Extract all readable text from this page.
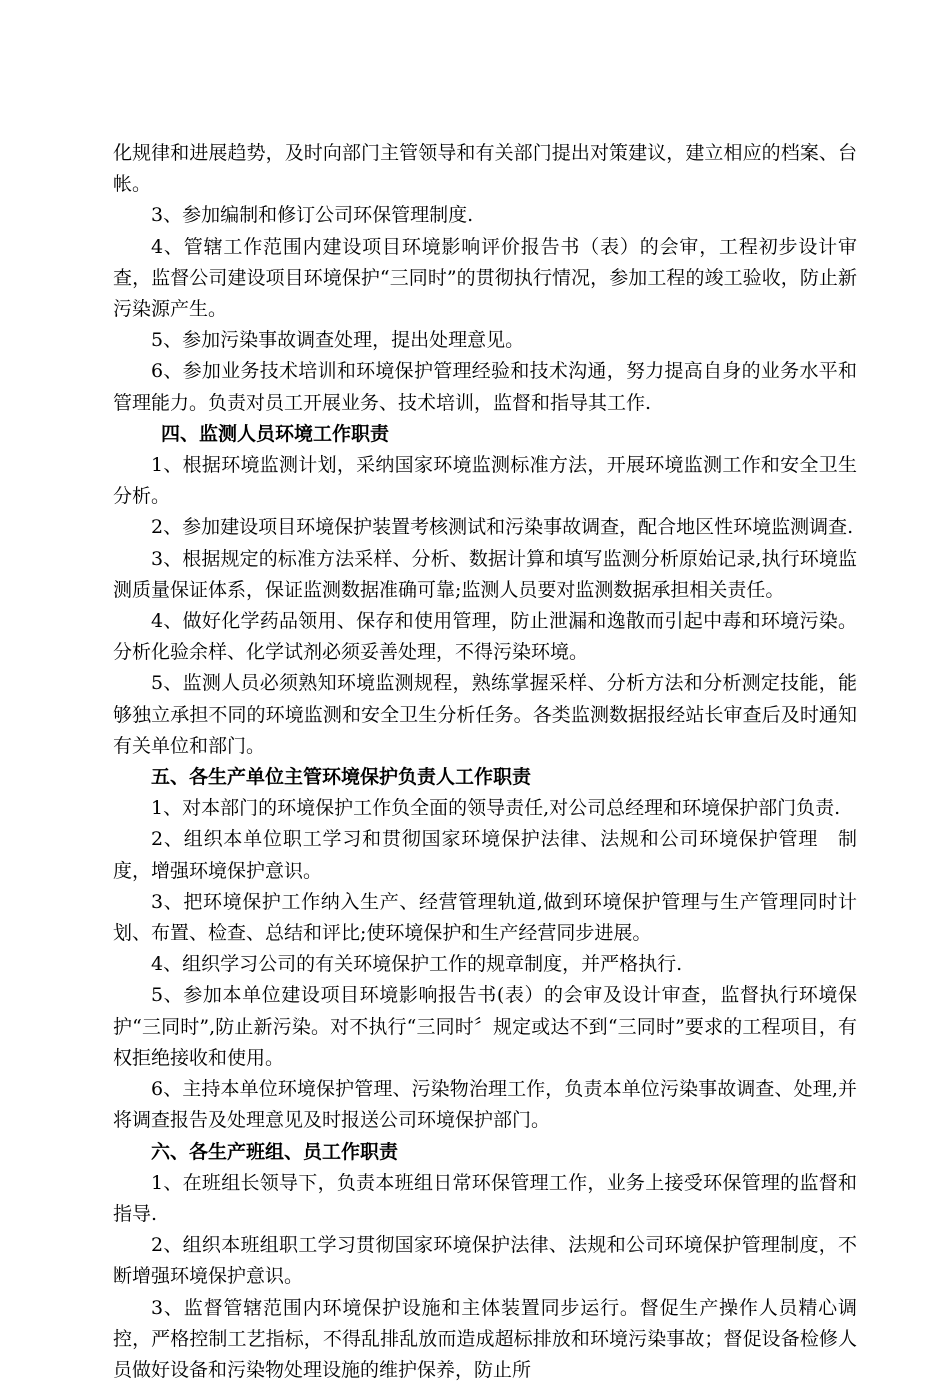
化规律和进展趋势，及时向部门主管领导和有关部门提出对策建议，建立相应的档案、台帐。

3、参加编制和修订公司环保管理制度.

4、管辖工作范围内建设项目环境影响评价报告书（表）的会审，工程初步设计审查，监督公司建设项目环境保护“三同时”的贯彻执行情况，参加工程的竣工验收，防止新污染源产生。

5、参加污染事故调查处理，提出处理意见。

6、参加业务技术培训和环境保护管理经验和技术沟通，努力提高自身的业务水平和管理能力。负责对员工开展业务、技术培训，监督和指导其工作.

四、监测人员环境工作职责

1、根据环境监测计划，采纳国家环境监测标准方法，开展环境监测工作和安全卫生分析。

2、参加建设项目环境保护装置考核测试和污染事故调查，配合地区性环境监测调查.

3、根据规定的标准方法采样、分析、数据计算和填写监测分析原始记录,执行环境监测质量保证体系，保证监测数据准确可靠;监测人员要对监测数据承担相关责任。

4、做好化学药品领用、保存和使用管理，防止泄漏和逸散而引起中毒和环境污染。分析化验余样、化学试剂必须妥善处理，不得污染环境。

5、监测人员必须熟知环境监测规程，熟练掌握采样、分析方法和分析测定技能，能够独立承担不同的环境监测和安全卫生分析任务。各类监测数据报经站长审查后及时通知有关单位和部门。

五、各生产单位主管环境保护负责人工作职责

1、对本部门的环境保护工作负全面的领导责任,对公司总经理和环境保护部门负责.

2、组织本单位职工学习和贯彻国家环境保护法律、法规和公司环境保护管理　制度，增强环境保护意识。

3、把环境保护工作纳入生产、经营管理轨道,做到环境保护管理与生产管理同时计划、布置、检查、总结和评比;使环境保护和生产经营同步进展。

4、组织学习公司的有关环境保护工作的规章制度，并严格执行.

5、参加本单位建设项目环境影响报告书(表）的会审及设计审查，监督执行环境保护“三同时”,防止新污染。对不执行“三同时〞规定或达不到“三同时”要求的工程项目，有权拒绝接收和使用。

6、主持本单位环境保护管理、污染物治理工作，负责本单位污染事故调查、处理,并将调查报告及处理意见及时报送公司环境保护部门。

六、各生产班组、员工作职责

1、在班组长领导下，负责本班组日常环保管理工作，业务上接受环保管理的监督和指导.

2、组织本班组职工学习贯彻国家环境保护法律、法规和公司环境保护管理制度，不断增强环境保护意识。

3、监督管辖范围内环境保护设施和主体装置同步运行。督促生产操作人员精心调控，严格控制工艺指标，不得乱排乱放而造成超标排放和环境污染事故；督促设备检修人员做好设备和污染物处理设施的维护保养，防止所
